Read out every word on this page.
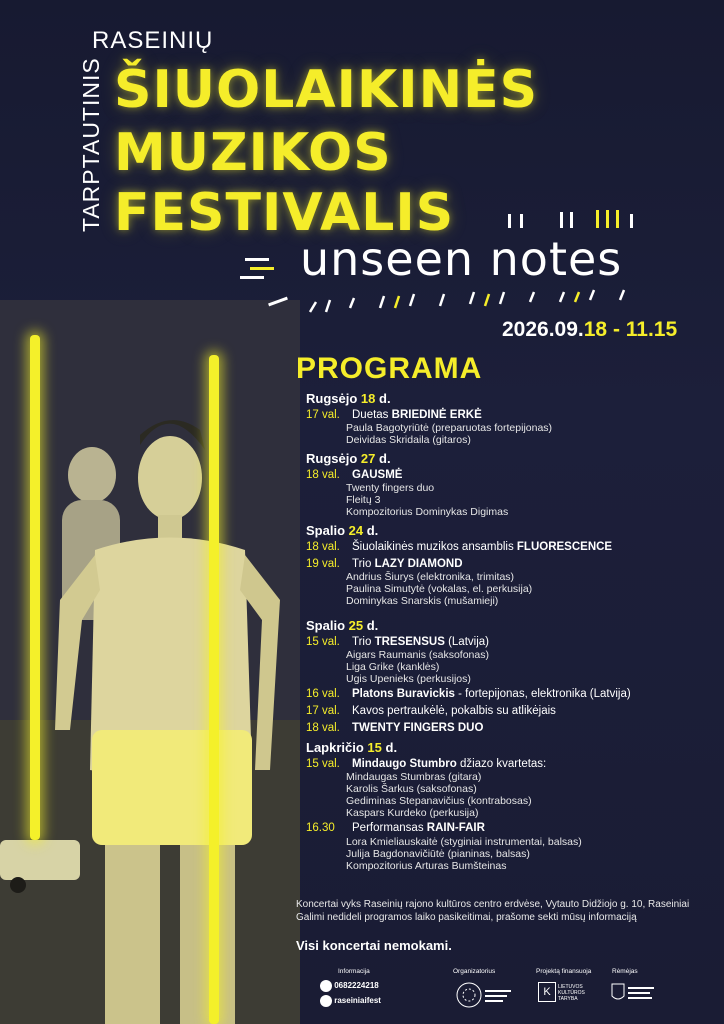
TARPTAUTINIS
RASEINIŲ
ŠIUOLAIKINĖS
MUZIKOS
FESTIVALIS
unseen notes
2026.09.18 - 11.15
PROGRAMA
Rugsėjo 18 d.
17 val.	Duetas BRIEDINĖ ERKĖ
Paula Bagotyriūtė (preparuotas fortepijonas)
Deividas Skridaila (gitaros)
Rugsėjo 27 d.
18 val.	GAUSMĖ
Twenty fingers duo
Fleitų 3
Kompozitorius Dominykas Digimas
Spalio 24 d.
18 val.	Šiuolaikinės muzikos ansamblis FLUORESCENCE
19 val.	Trio LAZY DIAMOND
Andrius Šiurys (elektronika, trimitas)
Paulina Simutytė (vokalas, el. perkusija)
Dominykas Snarskis (mušamieji)
Spalio 25 d.
15 val.	Trio TRESENSUS (Latvija)
Aigars Raumanis (saksofonas)
Liga Grike (kanklės)
Ugis Upenieks (perkusijos)
16 val.	Platons Buravickis - fortepijonas, elektronika (Latvija)
17 val.	Kavos pertraukėlė, pokalbis su atlikėjais
18 val.	TWENTY FINGERS DUO
Lapkričio 15 d.
15 val.	Mindaugo Stumbro džiazo kvartetas:
Mindaugas Stumbras (gitara)
Karolis Šarkus (saksofonas)
Gediminas Stepanavičius (kontrabosas)
Kaspars Kurdeko (perkusija)
16.30	Performansas RAIN-FAIR
Lora Kmieliauskaitė (styginiai instrumentai, balsas)
Julija Bagdonavičiūtė (pianinas, balsas)
Kompozitorius Arturas Bumšteinas
Koncertai vyks Raseinių rajono kultūros centro erdvėse, Vytauto Didžiojo g. 10, Raseiniai
Galimi nedideli programos laiko pasikeitimai, prašome sekti mūsų informaciją
Visi koncertai nemokami.
Informacija
0682224218
raseiniaifest
Organizatorius	Projektą finansuoja
K	LIETUVOS KULTŪROS TARYBA
Rėmėjas
